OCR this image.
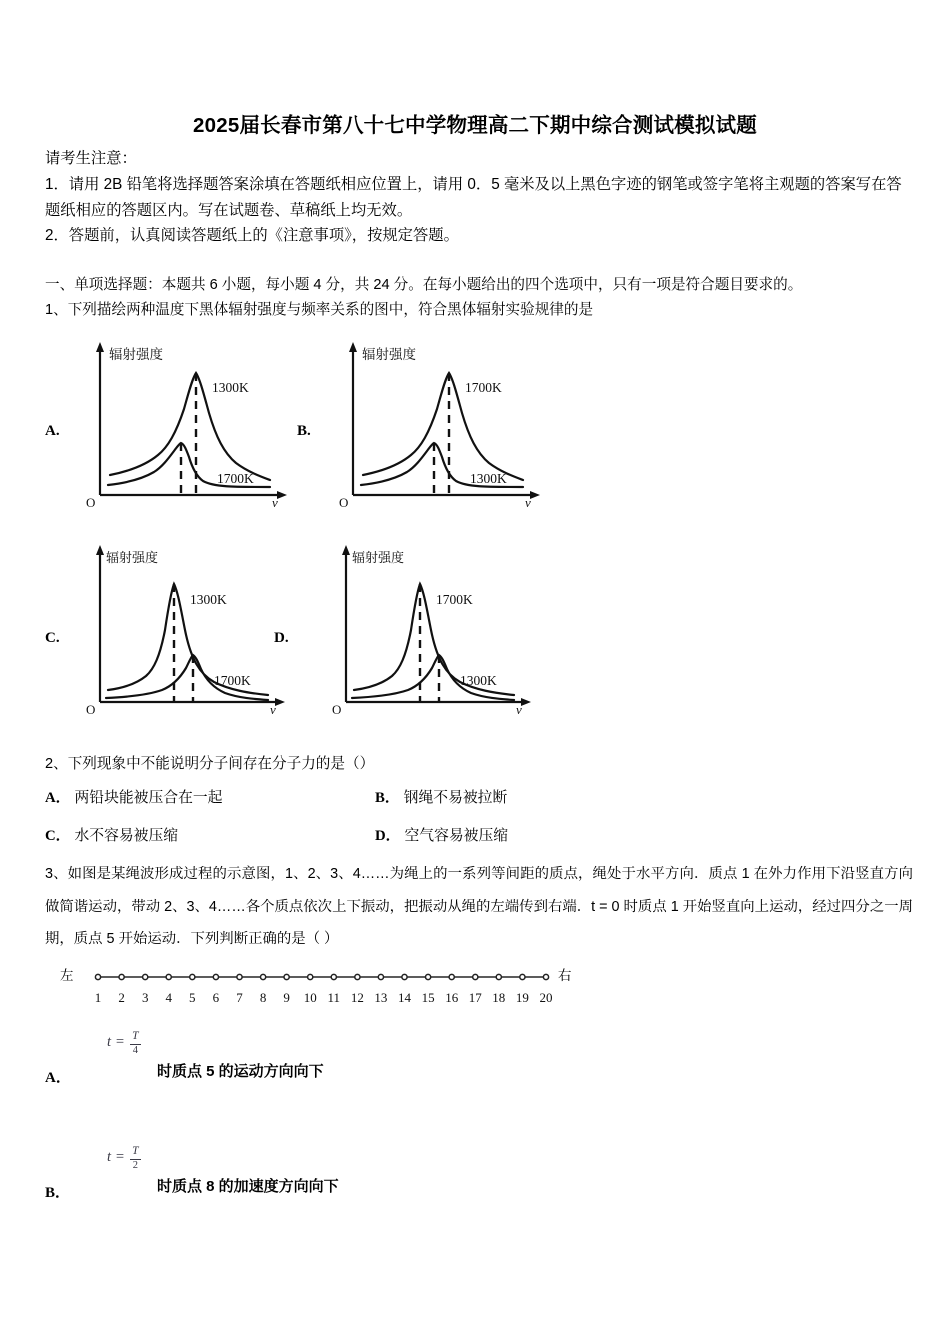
2025届长春市第八十七中学物理高二下期中综合测试模拟试题
请考生注意：
1．请用 2B 铅笔将选择题答案涂填在答题纸相应位置上，请用 0．5 毫米及以上黑色字迹的钢笔或签字笔将主观题的答案写在答题纸相应的答题区内。写在试题卷、草稿纸上均无效。
2．答题前，认真阅读答题纸上的《注意事项》，按规定答题。
一、单项选择题：本题共 6 小题，每小题 4 分，共 24 分。在每小题给出的四个选项中，只有一项是符合题目要求的。
1、下列描绘两种温度下黑体辐射强度与频率关系的图中，符合黑体辐射实验规律的是
A.
辐射强度
ν
O
1300K
1700K
B.
辐射强度
ν
O
1700K
1300K
C.
辐射强度
ν
O
1300K
1700K
D.
辐射强度
ν
O
1700K
1300K
2、下列现象中不能说明分子间存在分子力的是（）
A． 两铅块能被压合在一起	B． 钢绳不易被拉断
C． 水不容易被压缩	D． 空气容易被压缩
3、如图是某绳波形成过程的示意图，1、2、3、4……为绳上的一系列等间距的质点，绳处于水平方向．质点 1 在外力作用下沿竖直方向做简谐运动，带动 2、3、4……各个质点依次上下振动，把振动从绳的左端传到右端．t = 0 时质点 1 开始竖直向上运动，经过四分之一周期，质点 5 开始运动．下列判断正确的是（ ）
左	右
1 2 3 4 5 6 7 8 9 10 11 12 13 14 15 16 17 18 19 20
A．
$t = \frac{T}{4}$
时质点 5 的运动方向向下
B．
$t = \frac{T}{2}$
时质点 8 的加速度方向向下
